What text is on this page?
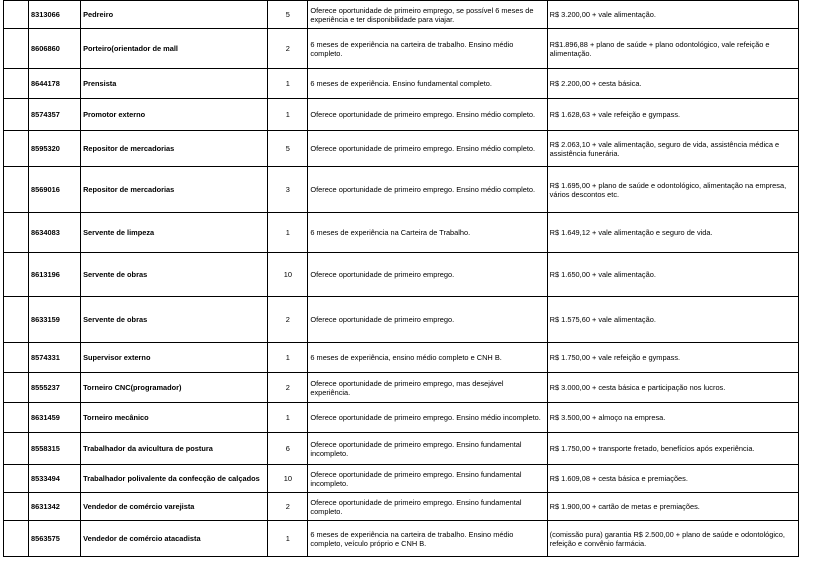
	8313066	Pedreiro	5	Oferece oportunidade de primeiro emprego, se possível 6 meses de experiência e ter disponibilidade para viajar.	R$ 3.200,00 + vale alimentação.
	8606860	Porteiro(orientador de mall	2	6 meses de experiência na carteira de trabalho. Ensino médio completo.	R$1.896,88 + plano de saúde + plano odontológico, vale refeição e alimentação.
	8644178	Prensista	1	6 meses de experiência. Ensino fundamental completo.	R$ 2.200,00 + cesta básica.
	8574357	Promotor externo	1	Oferece oportunidade de primeiro emprego. Ensino médio completo.	R$ 1.628,63 + vale refeição e gympass.
	8595320	Repositor de mercadorias	5	Oferece oportunidade de primeiro emprego. Ensino médio completo.	R$ 2.063,10 + vale alimentação, seguro de vida, assistência médica e assistência funerária.
	8569016	Repositor de mercadorias	3	Oferece oportunidade de primeiro emprego. Ensino médio completo.	R$ 1.695,00 + plano de saúde e odontológico, alimentação na empresa, vários descontos etc.
	8634083	Servente de limpeza	1	6 meses de experiência na Carteira de Trabalho.	R$ 1.649,12 + vale alimentação e seguro de vida.
	8613196	Servente de obras	10	Oferece oportunidade de primeiro emprego.	R$ 1.650,00 + vale alimentação.
	8633159	Servente de obras	2	Oferece oportunidade de primeiro emprego.	R$ 1.575,60 + vale alimentação.
	8574331	Supervisor externo	1	6 meses de experiência, ensino médio completo e CNH B.	R$ 1.750,00 + vale refeição e gympass.
	8555237	Torneiro CNC(programador)	2	Oferece oportunidade de primeiro emprego, mas desejável experiência.	R$ 3.000,00 + cesta básica e participação nos lucros.
	8631459	Torneiro mecânico	1	Oferece oportunidade de primeiro emprego. Ensino médio incompleto.	R$ 3.500,00 + almoço na empresa.
	8558315	Trabalhador da avicultura de postura	6	Oferece oportunidade de primeiro emprego. Ensino fundamental incompleto.	R$ 1.750,00 + transporte fretado, benefícios após experiência.
	8533494	Trabalhador polivalente da confecção de calçados	10	Oferece oportunidade de primeiro emprego. Ensino fundamental incompleto.	R$ 1.609,08 + cesta básica e premiações.
	8631342	Vendedor de comércio varejista	2	Oferece oportunidade de primeiro emprego. Ensino fundamental completo.	R$ 1.900,00 + cartão de metas e premiações.
	8563575	Vendedor de comércio atacadista	1	6 meses de experiência na carteira de trabalho. Ensino médio completo, veículo próprio e CNH B.	(comissão pura) garantia R$ 2.500,00 + plano de saúde e odontológico, refeição e convênio farmácia.
